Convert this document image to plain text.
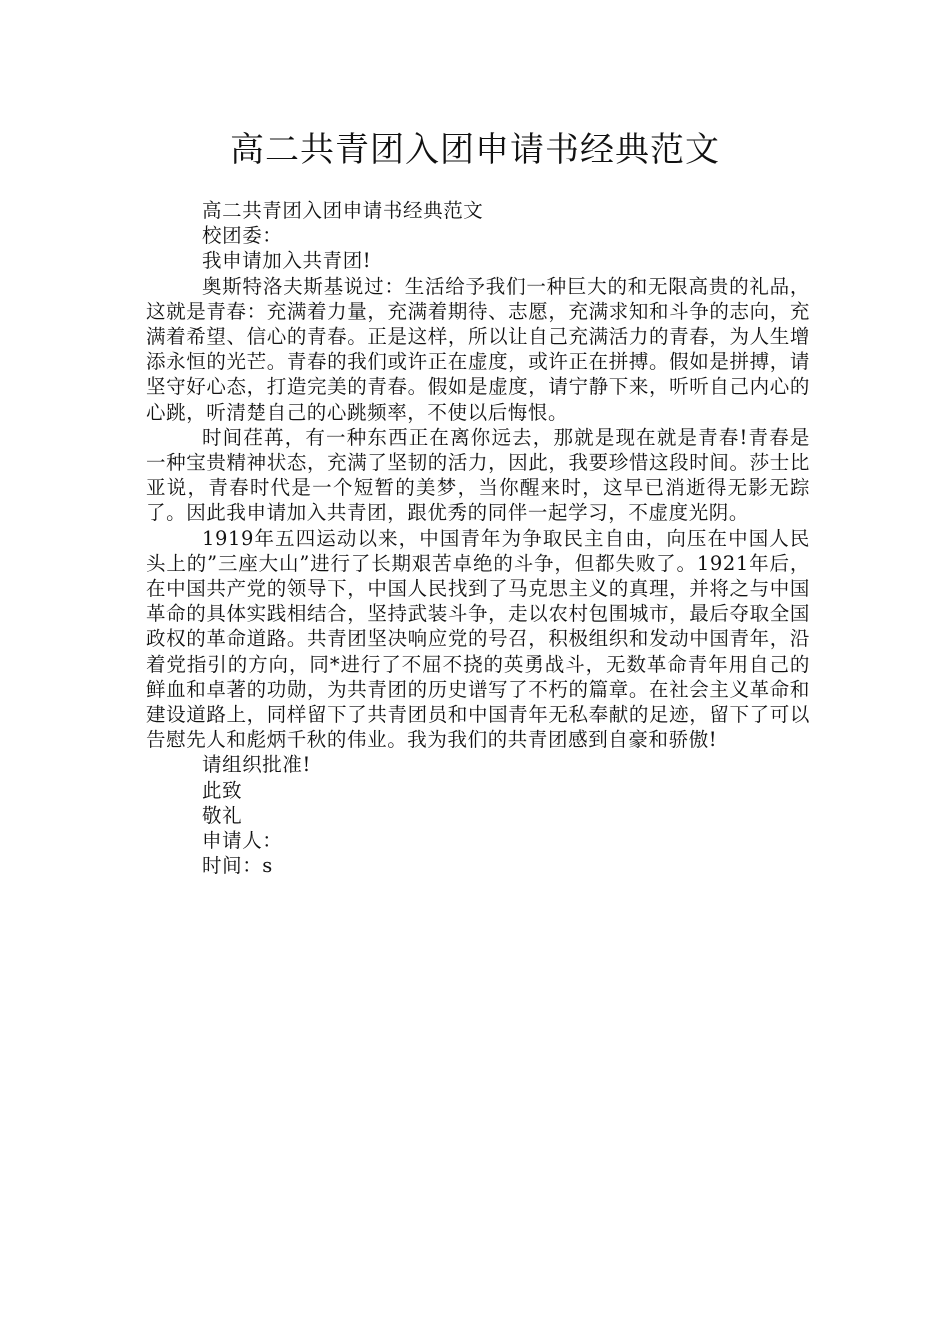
高二共青团入团申请书经典范文

高二共青团入团申请书经典范文

校团委：

我申请加入共青团!

奥斯特洛夫斯基说过：生活给予我们一种巨大的和无限高贵的礼品，这就是青春：充满着力量，充满着期待、志愿，充满求知和斗争的志向，充满着希望、信心的青春。正是这样，所以让自己充满活力的青春，为人生增添永恒的光芒。青春的我们或许正在虚度，或许正在拼搏。假如是拼搏，请坚守好心态，打造完美的青春。假如是虚度，请宁静下来，听听自己内心的心跳，听清楚自己的心跳频率，不使以后悔恨。

时间荏苒，有一种东西正在离你远去，那就是现在就是青春!青春是一种宝贵精神状态，充满了坚韧的活力，因此，我要珍惜这段时间。莎士比亚说，青春时代是一个短暂的美梦，当你醒来时，这早已消逝得无影无踪了。因此我申请加入共青团，跟优秀的同伴一起学习，不虚度光阴。

1919年五四运动以来，中国青年为争取民主自由，向压在中国人民头上的”三座大山”进行了长期艰苦卓绝的斗争，但都失败了。1921年后，在中国共产党的领导下，中国人民找到了马克思主义的真理，并将之与中国革命的具体实践相结合，坚持武装斗争，走以农村包围城市，最后夺取全国政权的革命道路。共青团坚决响应党的号召，积极组织和发动中国青年，沿着党指引的方向，同*进行了不屈不挠的英勇战斗，无数革命青年用自己的鲜血和卓著的功勋，为共青团的历史谱写了不朽的篇章。在社会主义革命和建设道路上，同样留下了共青团员和中国青年无私奉献的足迹，留下了可以告慰先人和彪炳千秋的伟业。我为我们的共青团感到自豪和骄傲!

请组织批准!

此致

敬礼

申请人：

时间：s
